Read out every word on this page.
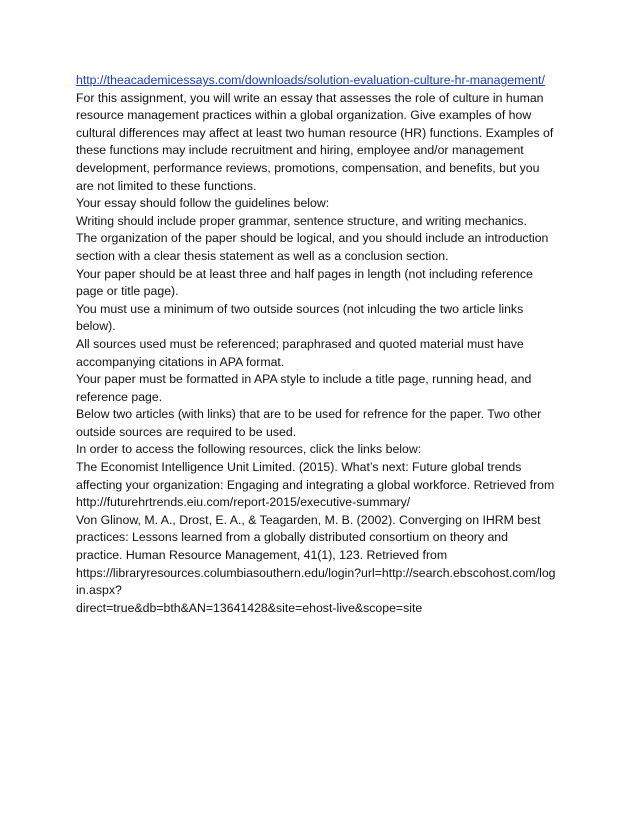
http://theacademicessays.com/downloads/solution-evaluation-culture-hr-management/
For this assignment, you will write an essay that assesses the role of culture in human
resource management practices within a global organization. Give examples of how
cultural differences may affect at least two human resource (HR) functions. Examples of
these functions may include recruitment and hiring, employee and/or management
development, performance reviews, promotions, compensation, and benefits, but you
are not limited to these functions.
Your essay should follow the guidelines below:
Writing should include proper grammar, sentence structure, and writing mechanics.
The organization of the paper should be logical, and you should include an introduction
section with a clear thesis statement as well as a conclusion section.
Your paper should be at least three and half pages in length (not including reference
page or title page).
You must use a minimum of two outside sources (not inlcuding the two article links
below).
All sources used must be referenced; paraphrased and quoted material must have
accompanying citations in APA format.
Your paper must be formatted in APA style to include a title page, running head, and
reference page.
Below two articles (with links) that are to be used for refrence for the paper. Two other
outside sources are required to be used.
In order to access the following resources, click the links below:
The Economist Intelligence Unit Limited. (2015). What’s next: Future global trends
affecting your organization: Engaging and integrating a global workforce. Retrieved from
http://futurehrtrends.eiu.com/report-2015/executive-summary/
Von Glinow, M. A., Drost, E. A., & Teagarden, M. B. (2002). Converging on IHRM best
practices: Lessons learned from a globally distributed consortium on theory and
practice. Human Resource Management, 41(1), 123. Retrieved from
https://libraryresources.columbiasouthern.edu/login?url=http://search.ebscohost.com/log
in.aspx?
direct=true&db=bth&AN=13641428&site=ehost-live&scope=site
